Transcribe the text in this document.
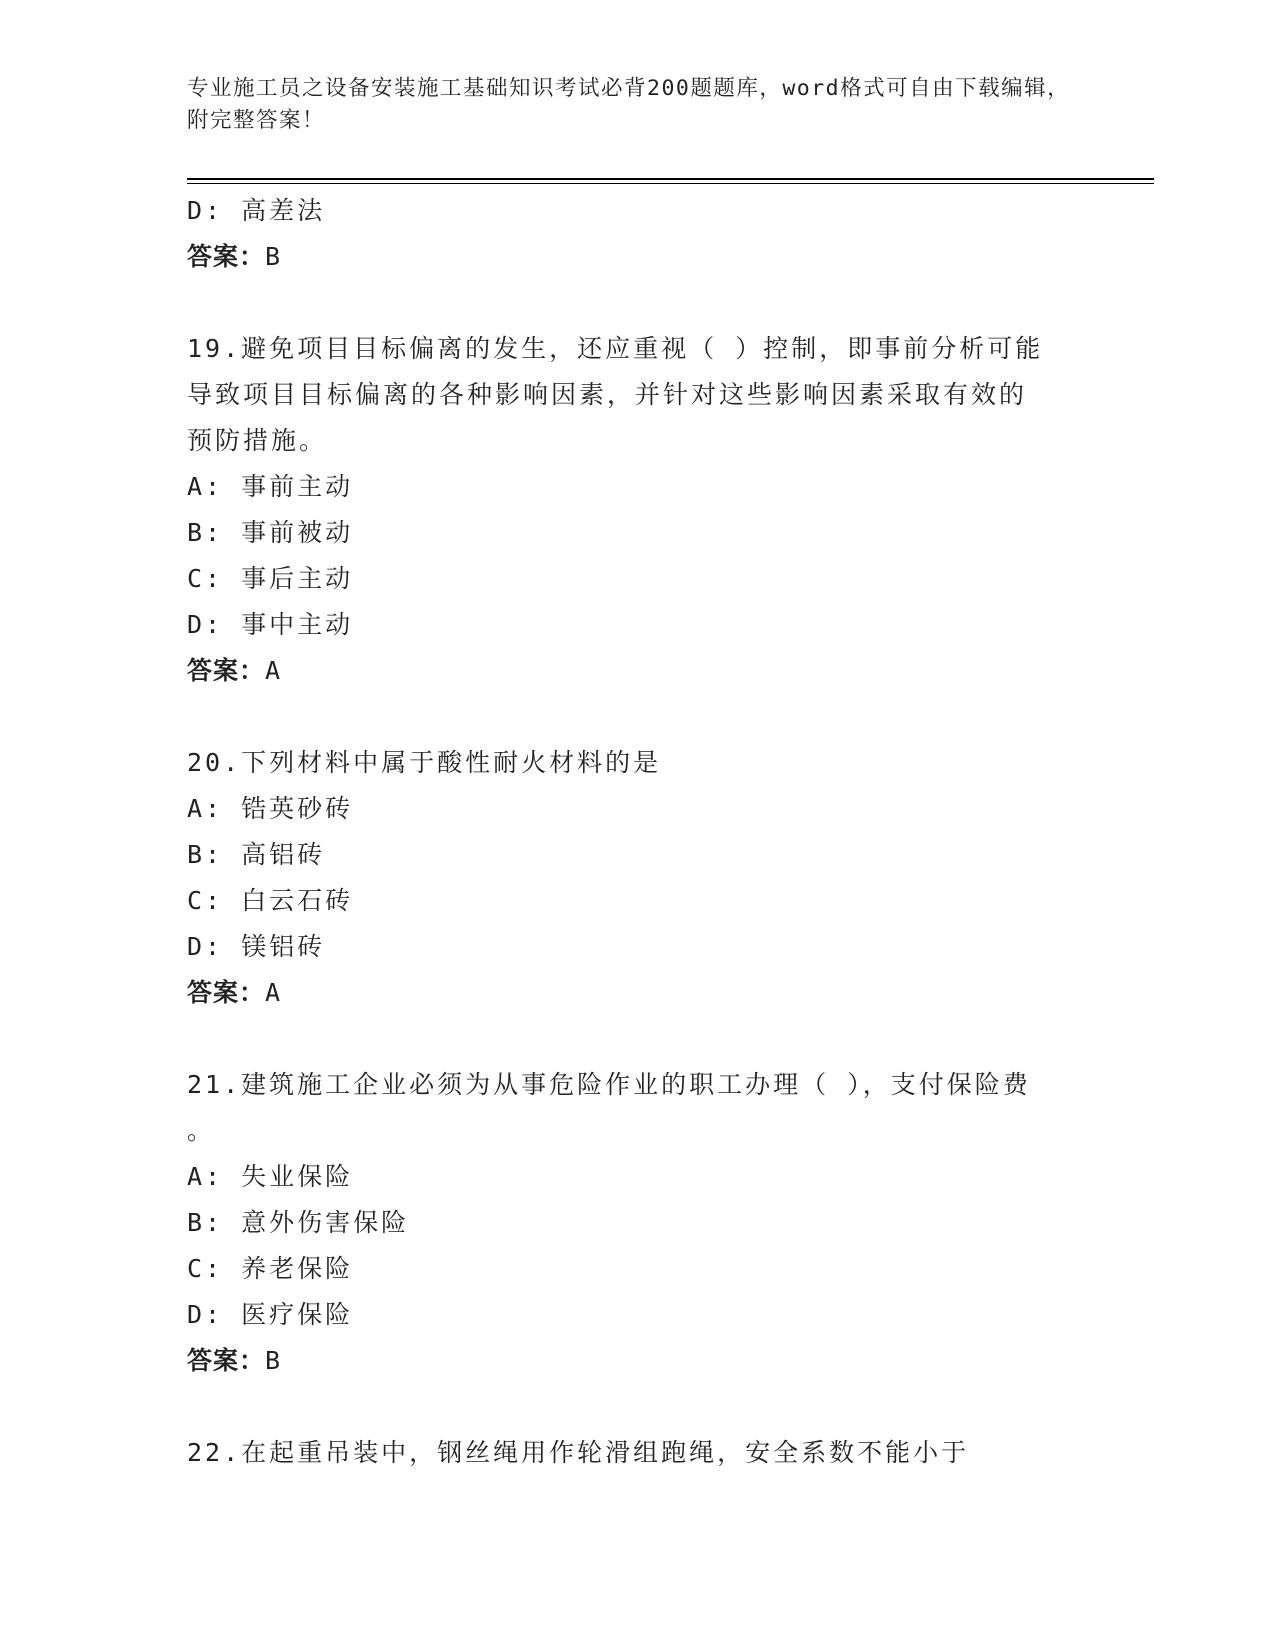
专业施工员之设备安装施工基础知识考试必背200题题库，word格式可自由下载编辑，附完整答案！
D: 高差法
答案：B
19.避免项目目标偏离的发生，还应重视（ ）控制，即事前分析可能
导致项目目标偏离的各种影响因素，并针对这些影响因素采取有效的
预防措施。
A: 事前主动
B: 事前被动
C: 事后主动
D: 事中主动
答案：A
20.下列材料中属于酸性耐火材料的是
A: 锆英砂砖
B: 高铝砖
C: 白云石砖
D: 镁铝砖
答案：A
21.建筑施工企业必须为从事危险作业的职工办理（ ），支付保险费
。
A: 失业保险
B: 意外伤害保险
C: 养老保险
D: 医疗保险
答案：B
22.在起重吊装中，钢丝绳用作轮滑组跑绳，安全系数不能小于
